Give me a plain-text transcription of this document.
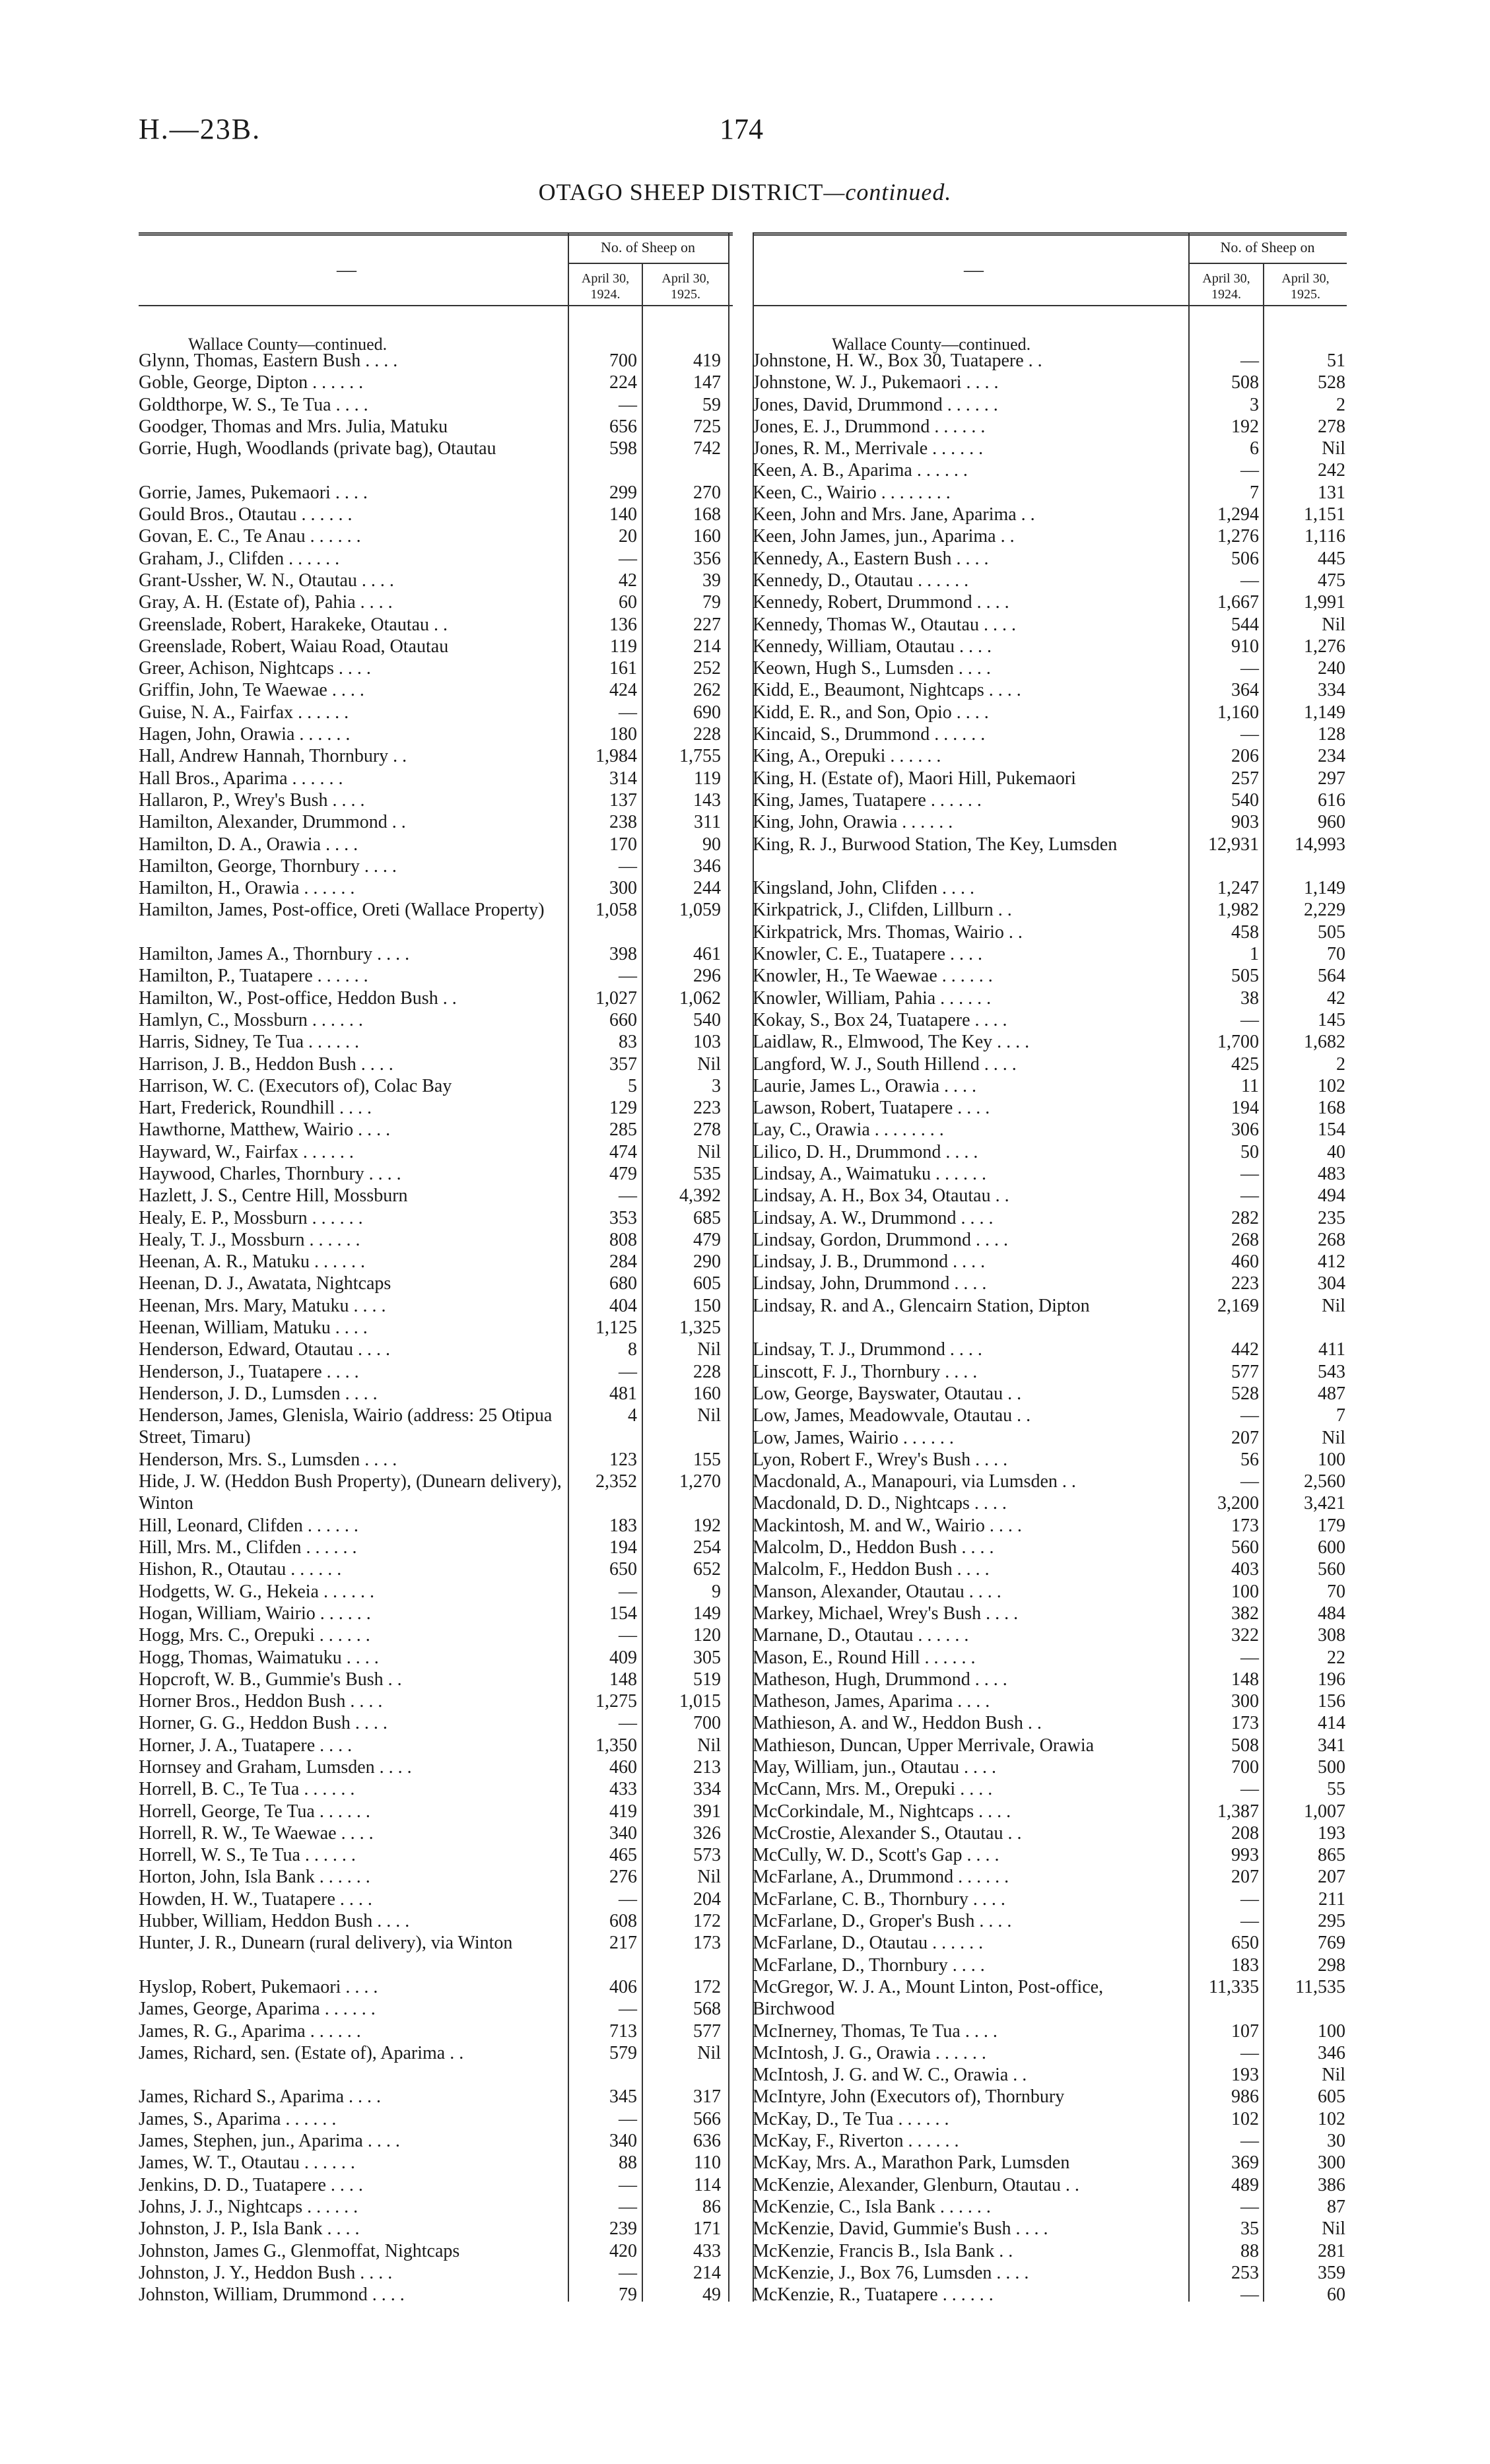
H.—23B.	174
OTAGO SHEEP DISTRICT—continued.
—
No. of Sheep on
April 30,
1924.
April 30,
1925.
Wallace County—continued.
Glynn, Thomas, Eastern Bush . . . .	700	419
Goble, George, Dipton . . . . . .	224	147
Goldthorpe, W. S., Te Tua . . . .	—	59
Goodger, Thomas and Mrs. Julia, Matuku	656	725
Gorrie, Hugh, Woodlands (private bag), Otautau	598	742
Gorrie, James, Pukemaori . . . .	299	270
Gould Bros., Otautau . . . . . .	140	168
Govan, E. C., Te Anau . . . . . .	20	160
Graham, J., Clifden . . . . . .	—	356
Grant-Ussher, W. N., Otautau . . . .	42	39
Gray, A. H. (Estate of), Pahia . . . .	60	79
Greenslade, Robert, Harakeke, Otautau . .	136	227
Greenslade, Robert, Waiau Road, Otautau	119	214
Greer, Achison, Nightcaps . . . .	161	252
Griffin, John, Te Waewae . . . .	424	262
Guise, N. A., Fairfax . . . . . .	—	690
Hagen, John, Orawia . . . . . .	180	228
Hall, Andrew Hannah, Thornbury . .	1,984	1,755
Hall Bros., Aparima . . . . . .	314	119
Hallaron, P., Wrey's Bush . . . .	137	143
Hamilton, Alexander, Drummond . .	238	311
Hamilton, D. A., Orawia . . . .	170	90
Hamilton, George, Thornbury . . . .	—	346
Hamilton, H., Orawia . . . . . .	300	244
Hamilton, James, Post-office, Oreti (Wallace Property)	1,058	1,059
Hamilton, James A., Thornbury . . . .	398	461
Hamilton, P., Tuatapere . . . . . .	—	296
Hamilton, W., Post-office, Heddon Bush . .	1,027	1,062
Hamlyn, C., Mossburn . . . . . .	660	540
Harris, Sidney, Te Tua . . . . . .	83	103
Harrison, J. B., Heddon Bush . . . .	357	Nil
Harrison, W. C. (Executors of), Colac Bay	5	3
Hart, Frederick, Roundhill . . . .	129	223
Hawthorne, Matthew, Wairio . . . .	285	278
Hayward, W., Fairfax . . . . . .	474	Nil
Haywood, Charles, Thornbury . . . .	479	535
Hazlett, J. S., Centre Hill, Mossburn	—	4,392
Healy, E. P., Mossburn . . . . . .	353	685
Healy, T. J., Mossburn . . . . . .	808	479
Heenan, A. R., Matuku . . . . . .	284	290
Heenan, D. J., Awatata, Nightcaps	680	605
Heenan, Mrs. Mary, Matuku . . . .	404	150
Heenan, William, Matuku . . . .	1,125	1,325
Henderson, Edward, Otautau . . . .	8	Nil
Henderson, J., Tuatapere . . . .	—	228
Henderson, J. D., Lumsden . . . .	481	160
Henderson, James, Glenisla, Wairio (address: 25 Otipua Street, Timaru)
4	Nil
Henderson, Mrs. S., Lumsden . . . .	123	155
Hide, J. W. (Heddon Bush Property), (Dunearn delivery), Winton
2,352	1,270
Hill, Leonard, Clifden . . . . . .	183	192
Hill, Mrs. M., Clifden . . . . . .	194	254
Hishon, R., Otautau . . . . . .	650	652
Hodgetts, W. G., Hekeia . . . . . .	—	9
Hogan, William, Wairio . . . . . .	154	149
Hogg, Mrs. C., Orepuki . . . . . .	—	120
Hogg, Thomas, Waimatuku . . . .	409	305
Hopcroft, W. B., Gummie's Bush . .	148	519
Horner Bros., Heddon Bush . . . .	1,275	1,015
Horner, G. G., Heddon Bush . . . .	—	700
Horner, J. A., Tuatapere . . . .	1,350	Nil
Hornsey and Graham, Lumsden . . . .	460	213
Horrell, B. C., Te Tua . . . . . .	433	334
Horrell, George, Te Tua . . . . . .	419	391
Horrell, R. W., Te Waewae . . . .	340	326
Horrell, W. S., Te Tua . . . . . .	465	573
Horton, John, Isla Bank . . . . . .	276	Nil
Howden, H. W., Tuatapere . . . .	—	204
Hubber, William, Heddon Bush . . . .	608	172
Hunter, J. R., Dunearn (rural delivery), via Winton	217	173
Hyslop, Robert, Pukemaori . . . .	406	172
James, George, Aparima . . . . . .	—	568
James, R. G., Aparima . . . . . .	713	577
James, Richard, sen. (Estate of), Aparima . .	579	Nil
James, Richard S., Aparima . . . .	345	317
James, S., Aparima . . . . . .	—	566
James, Stephen, jun., Aparima . . . .	340	636
James, W. T., Otautau . . . . . .	88	110
Jenkins, D. D., Tuatapere . . . .	—	114
Johns, J. J., Nightcaps . . . . . .	—	86
Johnston, J. P., Isla Bank . . . .	239	171
Johnston, James G., Glenmoffat, Nightcaps	420	433
Johnston, J. Y., Heddon Bush . . . .	—	214
Johnston, William, Drummond . . . .	79	49
—
No. of Sheep on
April 30,
1924.
April 30,
1925.
Wallace County—continued.
Johnstone, H. W., Box 30, Tuatapere . .	—	51
Johnstone, W. J., Pukemaori . . . .	508	528
Jones, David, Drummond . . . . . .	3	2
Jones, E. J., Drummond . . . . . .	192	278
Jones, R. M., Merrivale . . . . . .	6	Nil
Keen, A. B., Aparima . . . . . .	—	242
Keen, C., Wairio . . . . . . . .	7	131
Keen, John and Mrs. Jane, Aparima . .	1,294	1,151
Keen, John James, jun., Aparima . .	1,276	1,116
Kennedy, A., Eastern Bush . . . .	506	445
Kennedy, D., Otautau . . . . . .	—	475
Kennedy, Robert, Drummond . . . .	1,667	1,991
Kennedy, Thomas W., Otautau . . . .	544	Nil
Kennedy, William, Otautau . . . .	910	1,276
Keown, Hugh S., Lumsden . . . .	—	240
Kidd, E., Beaumont, Nightcaps . . . .	364	334
Kidd, E. R., and Son, Opio . . . .	1,160	1,149
Kincaid, S., Drummond . . . . . .	—	128
King, A., Orepuki . . . . . .	206	234
King, H. (Estate of), Maori Hill, Pukemaori	257	297
King, James, Tuatapere . . . . . .	540	616
King, John, Orawia . . . . . .	903	960
King, R. J., Burwood Station, The Key, Lumsden	12,931	14,993
Kingsland, John, Clifden . . . .	1,247	1,149
Kirkpatrick, J., Clifden, Lillburn . .	1,982	2,229
Kirkpatrick, Mrs. Thomas, Wairio . .	458	505
Knowler, C. E., Tuatapere . . . .	1	70
Knowler, H., Te Waewae . . . . . .	505	564
Knowler, William, Pahia . . . . . .	38	42
Kokay, S., Box 24, Tuatapere . . . .	—	145
Laidlaw, R., Elmwood, The Key . . . .	1,700	1,682
Langford, W. J., South Hillend . . . .	425	2
Laurie, James L., Orawia . . . .	11	102
Lawson, Robert, Tuatapere . . . .	194	168
Lay, C., Orawia . . . . . . . .	306	154
Lilico, D. H., Drummond . . . .	50	40
Lindsay, A., Waimatuku . . . . . .	—	483
Lindsay, A. H., Box 34, Otautau . .	—	494
Lindsay, A. W., Drummond . . . .	282	235
Lindsay, Gordon, Drummond . . . .	268	268
Lindsay, J. B., Drummond . . . .	460	412
Lindsay, John, Drummond . . . .	223	304
Lindsay, R. and A., Glencairn Station, Dipton	2,169	Nil
Lindsay, T. J., Drummond . . . .	442	411
Linscott, F. J., Thornbury . . . .	577	543
Low, George, Bayswater, Otautau . .	528	487
Low, James, Meadowvale, Otautau . .	—	7
Low, James, Wairio . . . . . .	207	Nil
Lyon, Robert F., Wrey's Bush . . . .	56	100
Macdonald, A., Manapouri, via Lumsden . .	—	2,560
Macdonald, D. D., Nightcaps . . . .	3,200	3,421
Mackintosh, M. and W., Wairio . . . .	173	179
Malcolm, D., Heddon Bush . . . .	560	600
Malcolm, F., Heddon Bush . . . .	403	560
Manson, Alexander, Otautau . . . .	100	70
Markey, Michael, Wrey's Bush . . . .	382	484
Marnane, D., Otautau . . . . . .	322	308
Mason, E., Round Hill . . . . . .	—	22
Matheson, Hugh, Drummond . . . .	148	196
Matheson, James, Aparima . . . .	300	156
Mathieson, A. and W., Heddon Bush . .	173	414
Mathieson, Duncan, Upper Merrivale, Orawia	508	341
May, William, jun., Otautau . . . .	700	500
McCann, Mrs. M., Orepuki . . . .	—	55
McCorkindale, M., Nightcaps . . . .	1,387	1,007
McCrostie, Alexander S., Otautau . .	208	193
McCully, W. D., Scott's Gap . . . .	993	865
McFarlane, A., Drummond . . . . . .	207	207
McFarlane, C. B., Thornbury . . . .	—	211
McFarlane, D., Groper's Bush . . . .	—	295
McFarlane, D., Otautau . . . . . .	650	769
McFarlane, D., Thornbury . . . .	183	298
McGregor, W. J. A., Mount Linton, Post-office, Birchwood
11,335	11,535
McInerney, Thomas, Te Tua . . . .	107	100
McIntosh, J. G., Orawia . . . . . .	—	346
McIntosh, J. G. and W. C., Orawia . .	193	Nil
McIntyre, John (Executors of), Thornbury	986	605
McKay, D., Te Tua . . . . . .	102	102
McKay, F., Riverton . . . . . .	—	30
McKay, Mrs. A., Marathon Park, Lumsden	369	300
McKenzie, Alexander, Glenburn, Otautau . .	489	386
McKenzie, C., Isla Bank . . . . . .	—	87
McKenzie, David, Gummie's Bush . . . .	35	Nil
McKenzie, Francis B., Isla Bank . .	88	281
McKenzie, J., Box 76, Lumsden . . . .	253	359
McKenzie, R., Tuatapere . . . . . .	—	60
